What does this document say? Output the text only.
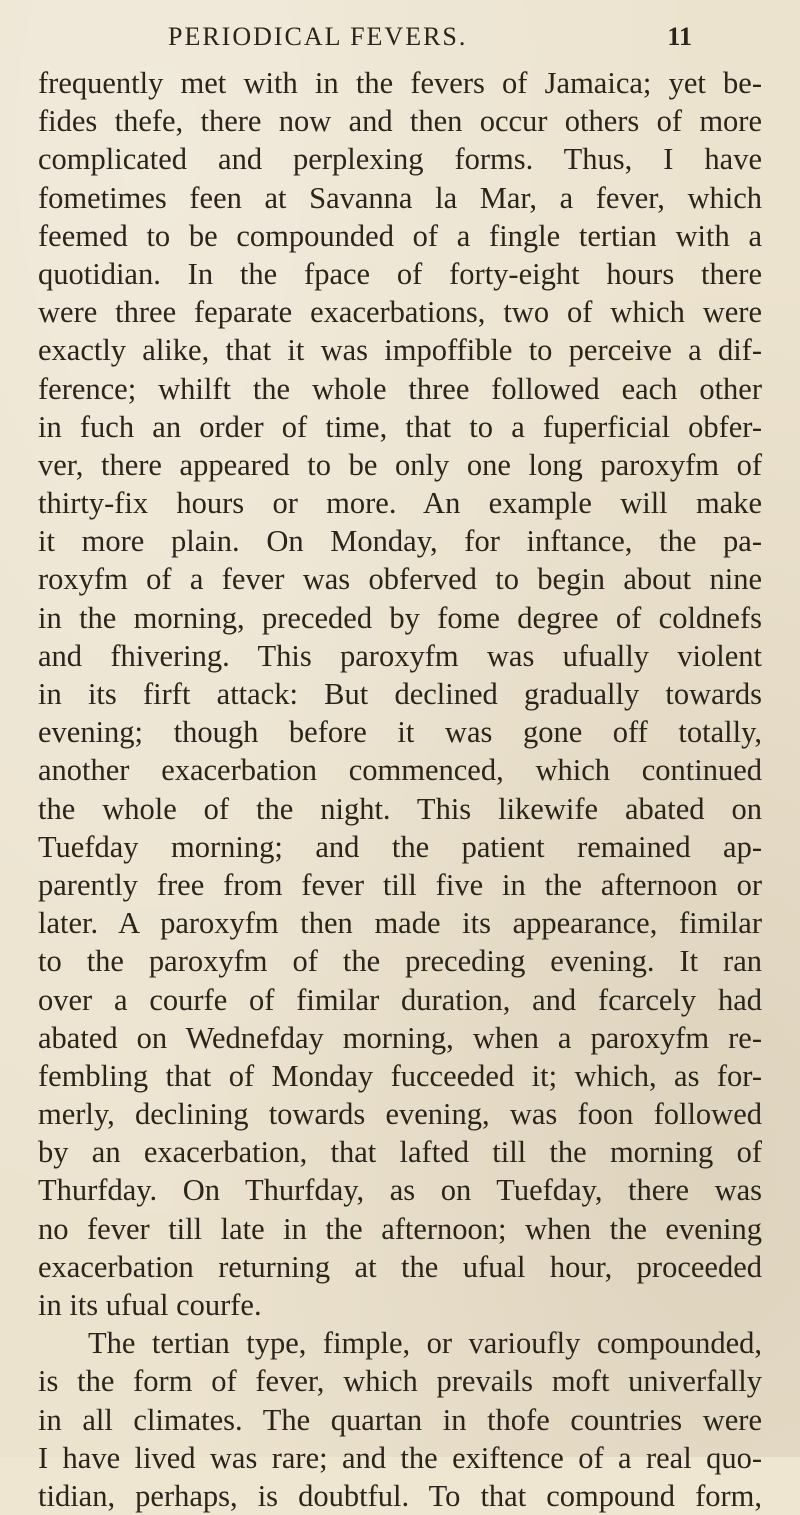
PERIODICAL FEVERS.	11
frequently met with in the fevers of Jamaica; yet be-
fides thefe, there now and then occur others of more
complicated and perplexing forms. Thus, I have
fometimes feen at Savanna la Mar, a fever, which
feemed to be compounded of a fingle tertian with a
quotidian. In the fpace of forty-eight hours there
were three feparate exacerbations, two of which were
exactly alike, that it was impoffible to perceive a dif-
ference; whilft the whole three followed each other
in fuch an order of time, that to a fuperficial obfer-
ver, there appeared to be only one long paroxyfm of
thirty-fix hours or more. An example will make
it more plain. On Monday, for inftance, the pa-
roxyfm of a fever was obferved to begin about nine
in the morning, preceded by fome degree of coldnefs
and fhivering. This paroxyfm was ufually violent
in its firft attack: But declined gradually towards
evening; though before it was gone off totally,
another exacerbation commenced, which continued
the whole of the night. This likewife abated on
Tuefday morning; and the patient remained ap-
parently free from fever till five in the afternoon or
later. A paroxyfm then made its appearance, fimilar
to the paroxyfm of the preceding evening. It ran
over a courfe of fimilar duration, and fcarcely had
abated on Wednefday morning, when a paroxyfm re-
fembling that of Monday fucceeded it; which, as for-
merly, declining towards evening, was foon followed
by an exacerbation, that lafted till the morning of
Thurfday. On Thurfday, as on Tuefday, there was
no fever till late in the afternoon; when the evening
exacerbation returning at the ufual hour, proceeded
in its ufual courfe.
The tertian type, fimple, or varioufly compounded,
is the form of fever, which prevails moft univerfally
in all climates. The quartan in thofe countries were
I have lived was rare; and the exiftence of a real quo-
tidian, perhaps, is doubtful. To that compound form,
